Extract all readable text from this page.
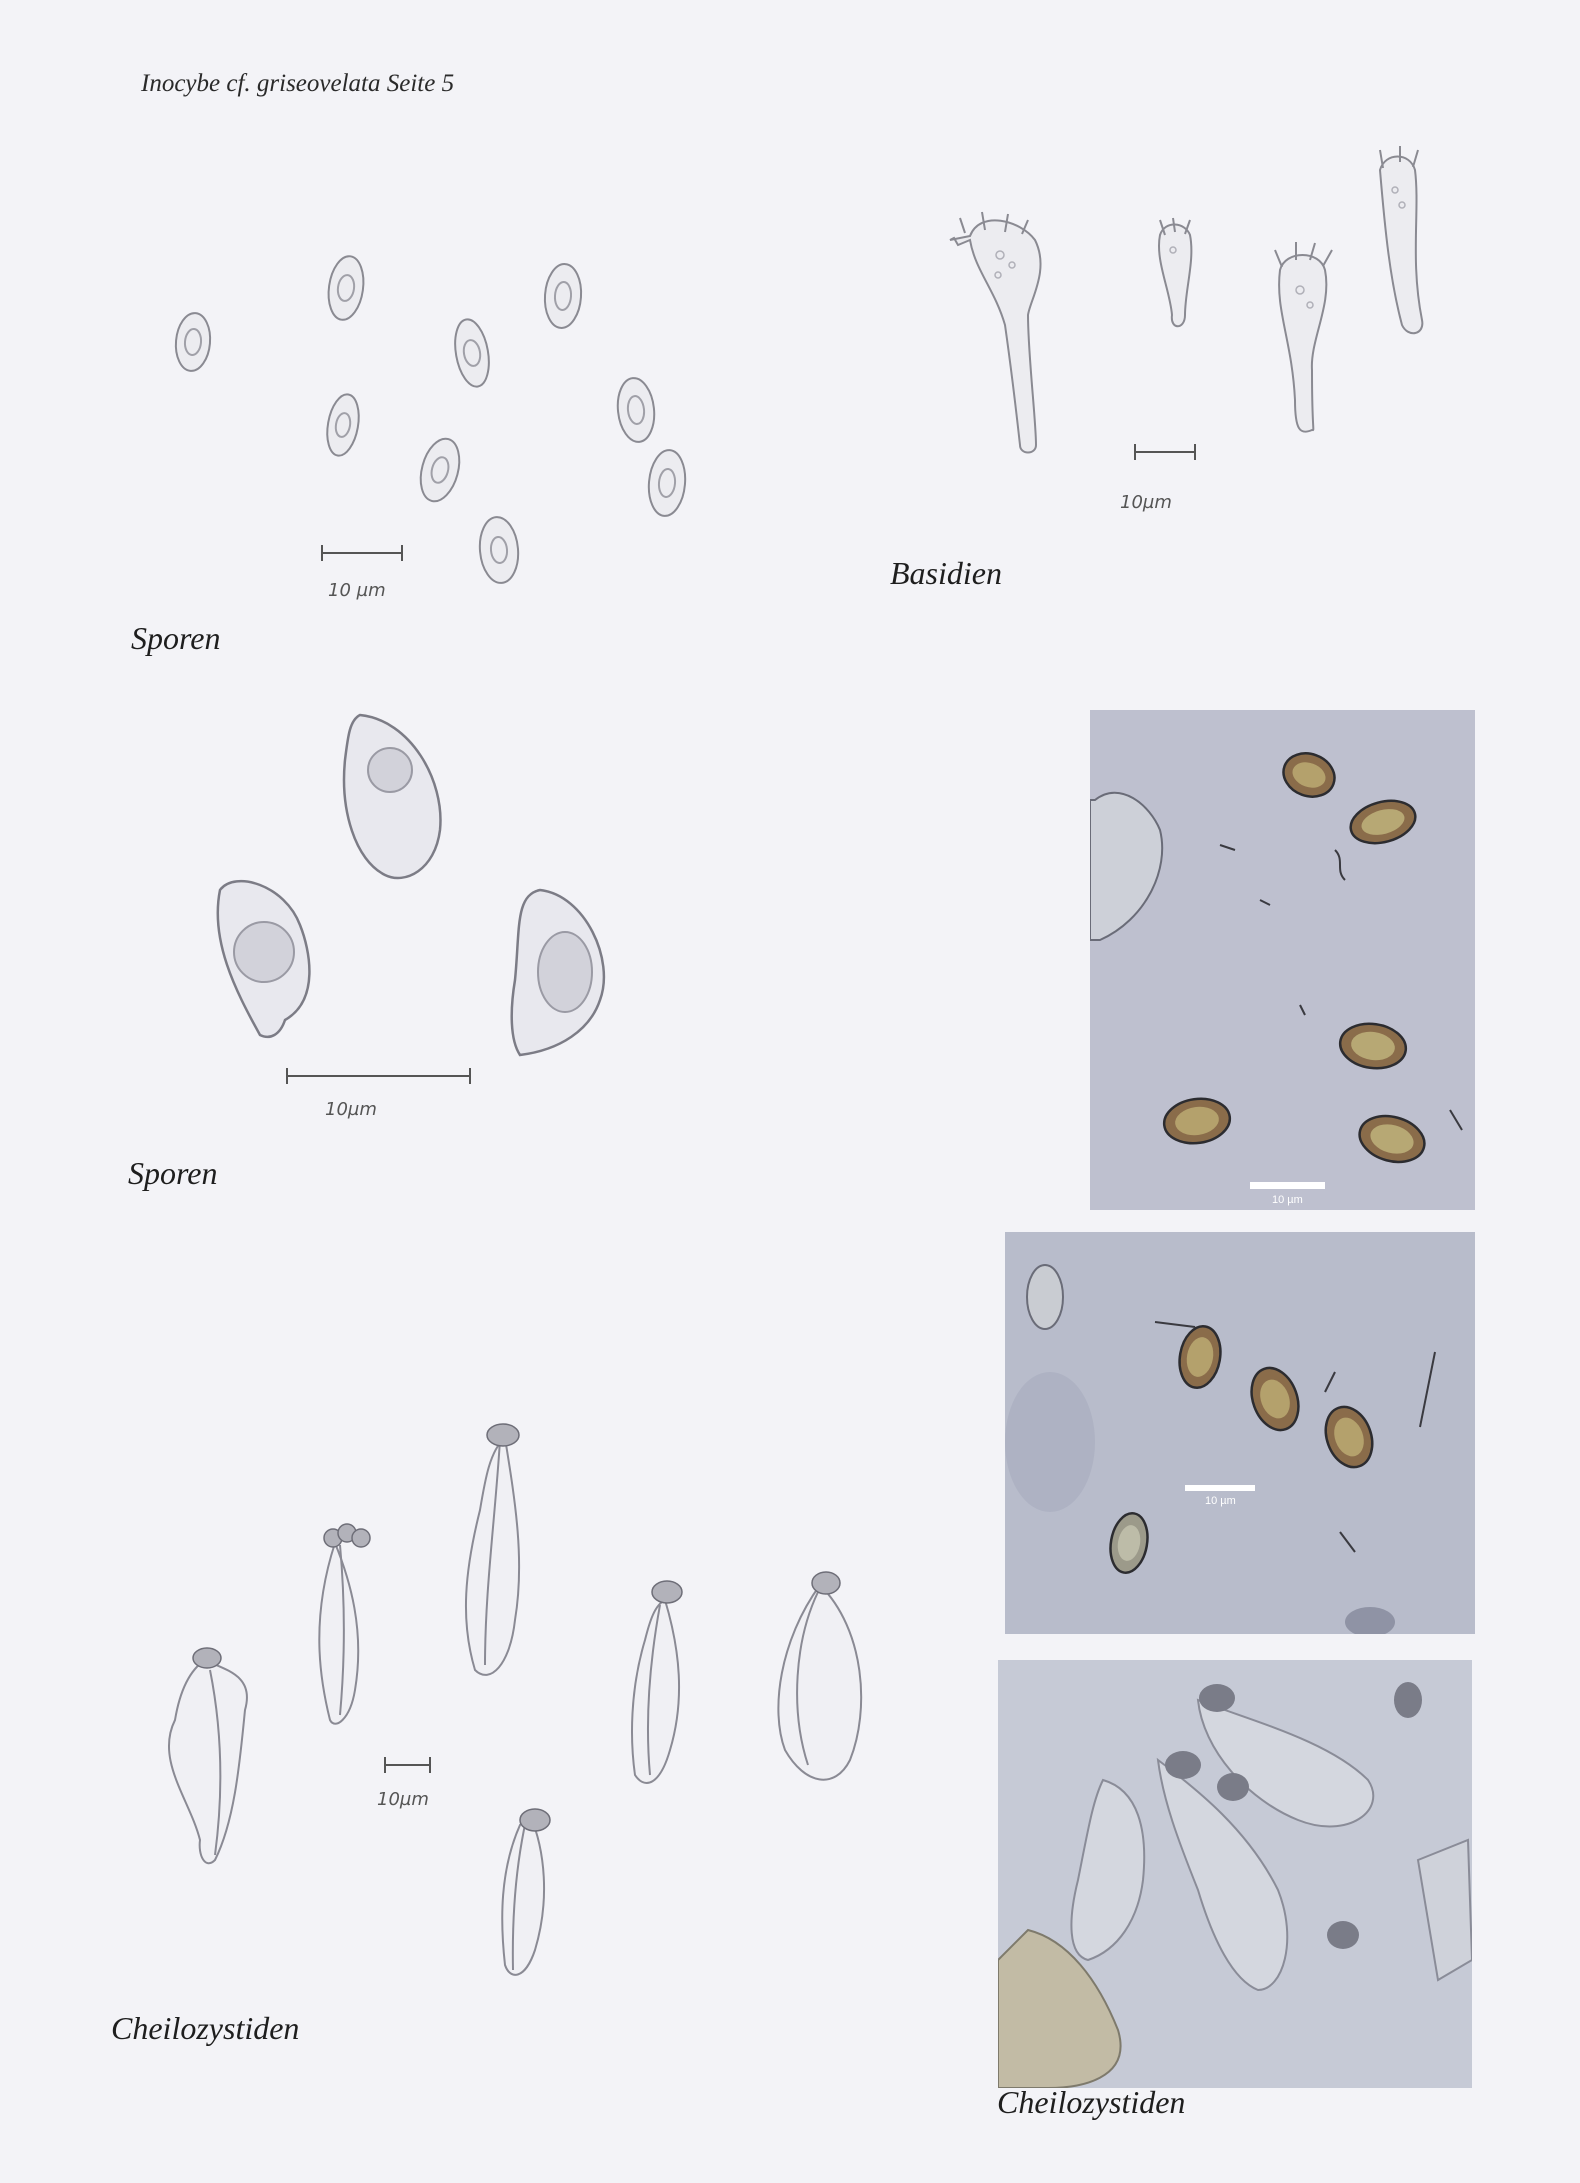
Inocybe cf. griseovelata Seite 5
10 µm
Sporen
10µm
Basidien
10µm
Sporen
10 µm
10 µm
Cheilozystiden
10µm
Cheilozystiden
